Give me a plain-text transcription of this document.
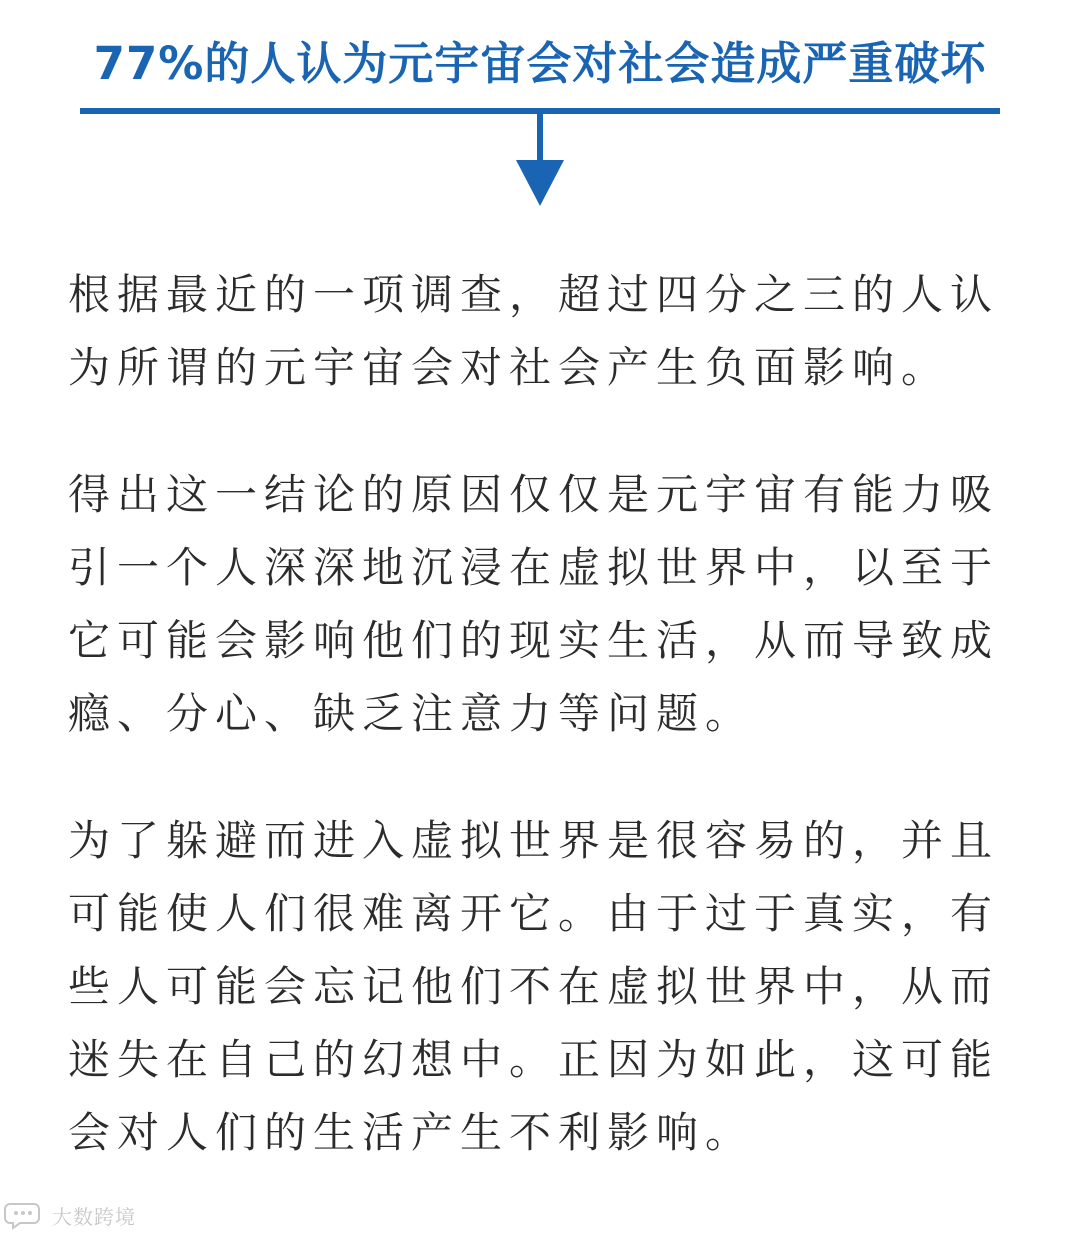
77%的人认为元宇宙会对社会造成严重破坏

根据最近的一项调查，超过四分之三的人认
为所谓的元宇宙会对社会产生负面影响。

得出这一结论的原因仅仅是元宇宙有能力吸
引一个人深深地沉浸在虚拟世界中，以至于
它可能会影响他们的现实生活，从而导致成
瘾、分心、缺乏注意力等问题。

为了躲避而进入虚拟世界是很容易的，并且
可能使人们很难离开它。由于过于真实，有
些人可能会忘记他们不在虚拟世界中，从而
迷失在自己的幻想中。正因为如此，这可能
会对人们的生活产生不利影响。

大数跨境
